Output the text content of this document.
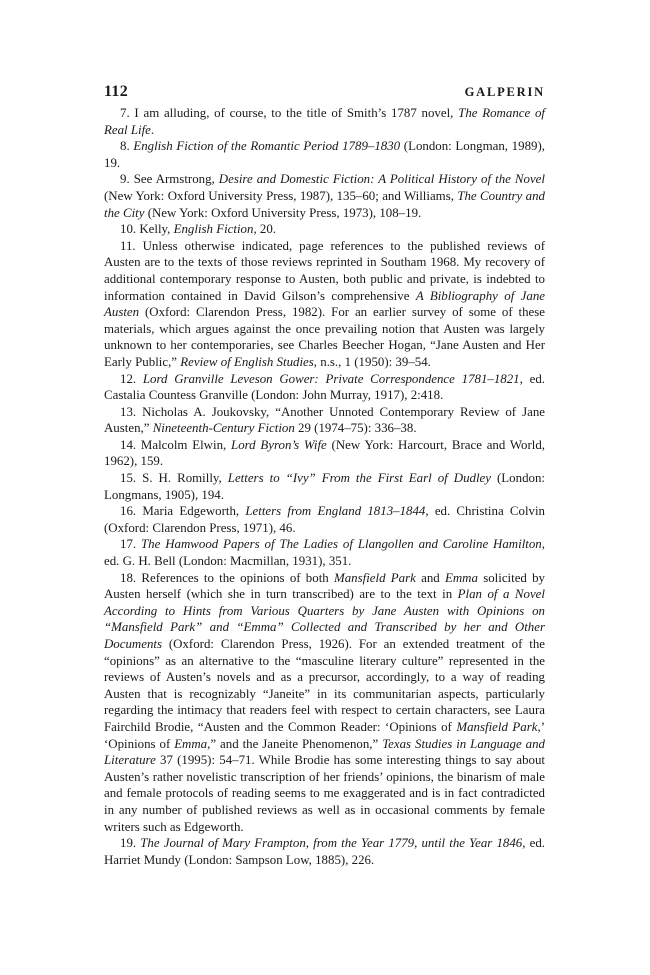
112	GALPERIN

7. I am alluding, of course, to the title of Smith’s 1787 novel, The Romance of Real Life.

8. English Fiction of the Romantic Period 1789–1830 (London: Longman, 1989), 19.

9. See Armstrong, Desire and Domestic Fiction: A Political History of the Novel (New York: Oxford University Press, 1987), 135–60; and Williams, The Country and the City (New York: Oxford University Press, 1973), 108–19.

10. Kelly, English Fiction, 20.

11. Unless otherwise indicated, page references to the published reviews of Austen are to the texts of those reviews reprinted in Southam 1968. My recovery of additional contemporary response to Austen, both public and private, is indebted to information contained in David Gilson’s comprehensive A Bibliography of Jane Austen (Oxford: Clarendon Press, 1982). For an earlier survey of some of these materials, which argues against the once prevailing notion that Austen was largely unknown to her contemporaries, see Charles Beecher Hogan, “Jane Austen and Her Early Public,” Review of English Studies, n.s., 1 (1950): 39–54.

12. Lord Granville Leveson Gower: Private Correspondence 1781–1821, ed. Castalia Countess Granville (London: John Murray, 1917), 2:418.

13. Nicholas A. Joukovsky, “Another Unnoted Contemporary Review of Jane Austen,” Nineteenth-Century Fiction 29 (1974–75): 336–38.

14. Malcolm Elwin, Lord Byron’s Wife (New York: Harcourt, Brace and World, 1962), 159.

15. S. H. Romilly, Letters to “Ivy” From the First Earl of Dudley (London: Longmans, 1905), 194.

16. Maria Edgeworth, Letters from England 1813–1844, ed. Christina Colvin (Oxford: Clarendon Press, 1971), 46.

17. The Hamwood Papers of The Ladies of Llangollen and Caroline Hamilton, ed. G. H. Bell (London: Macmillan, 1931), 351.

18. References to the opinions of both Mansfield Park and Emma solicited by Austen herself (which she in turn transcribed) are to the text in Plan of a Novel According to Hints from Various Quarters by Jane Austen with Opinions on “Mansfield Park” and “Emma” Collected and Transcribed by her and Other Documents (Oxford: Clarendon Press, 1926). For an extended treatment of the “opinions” as an alternative to the “masculine literary culture” represented in the reviews of Austen’s novels and as a precursor, accordingly, to a way of reading Austen that is recognizably “Janeite” in its communitarian aspects, particularly regarding the intimacy that readers feel with respect to certain characters, see Laura Fairchild Brodie, “Austen and the Common Reader: ‘Opinions of Mansfield Park,’ ‘Opinions of Emma,” and the Janeite Phenomenon,” Texas Studies in Language and Literature 37 (1995): 54–71. While Brodie has some interesting things to say about Austen’s rather novelistic transcription of her friends’ opinions, the binarism of male and female protocols of reading seems to me exaggerated and is in fact contradicted in any number of published reviews as well as in occasional comments by female writers such as Edgeworth.

19. The Journal of Mary Frampton, from the Year 1779, until the Year 1846, ed. Harriet Mundy (London: Sampson Low, 1885), 226.
